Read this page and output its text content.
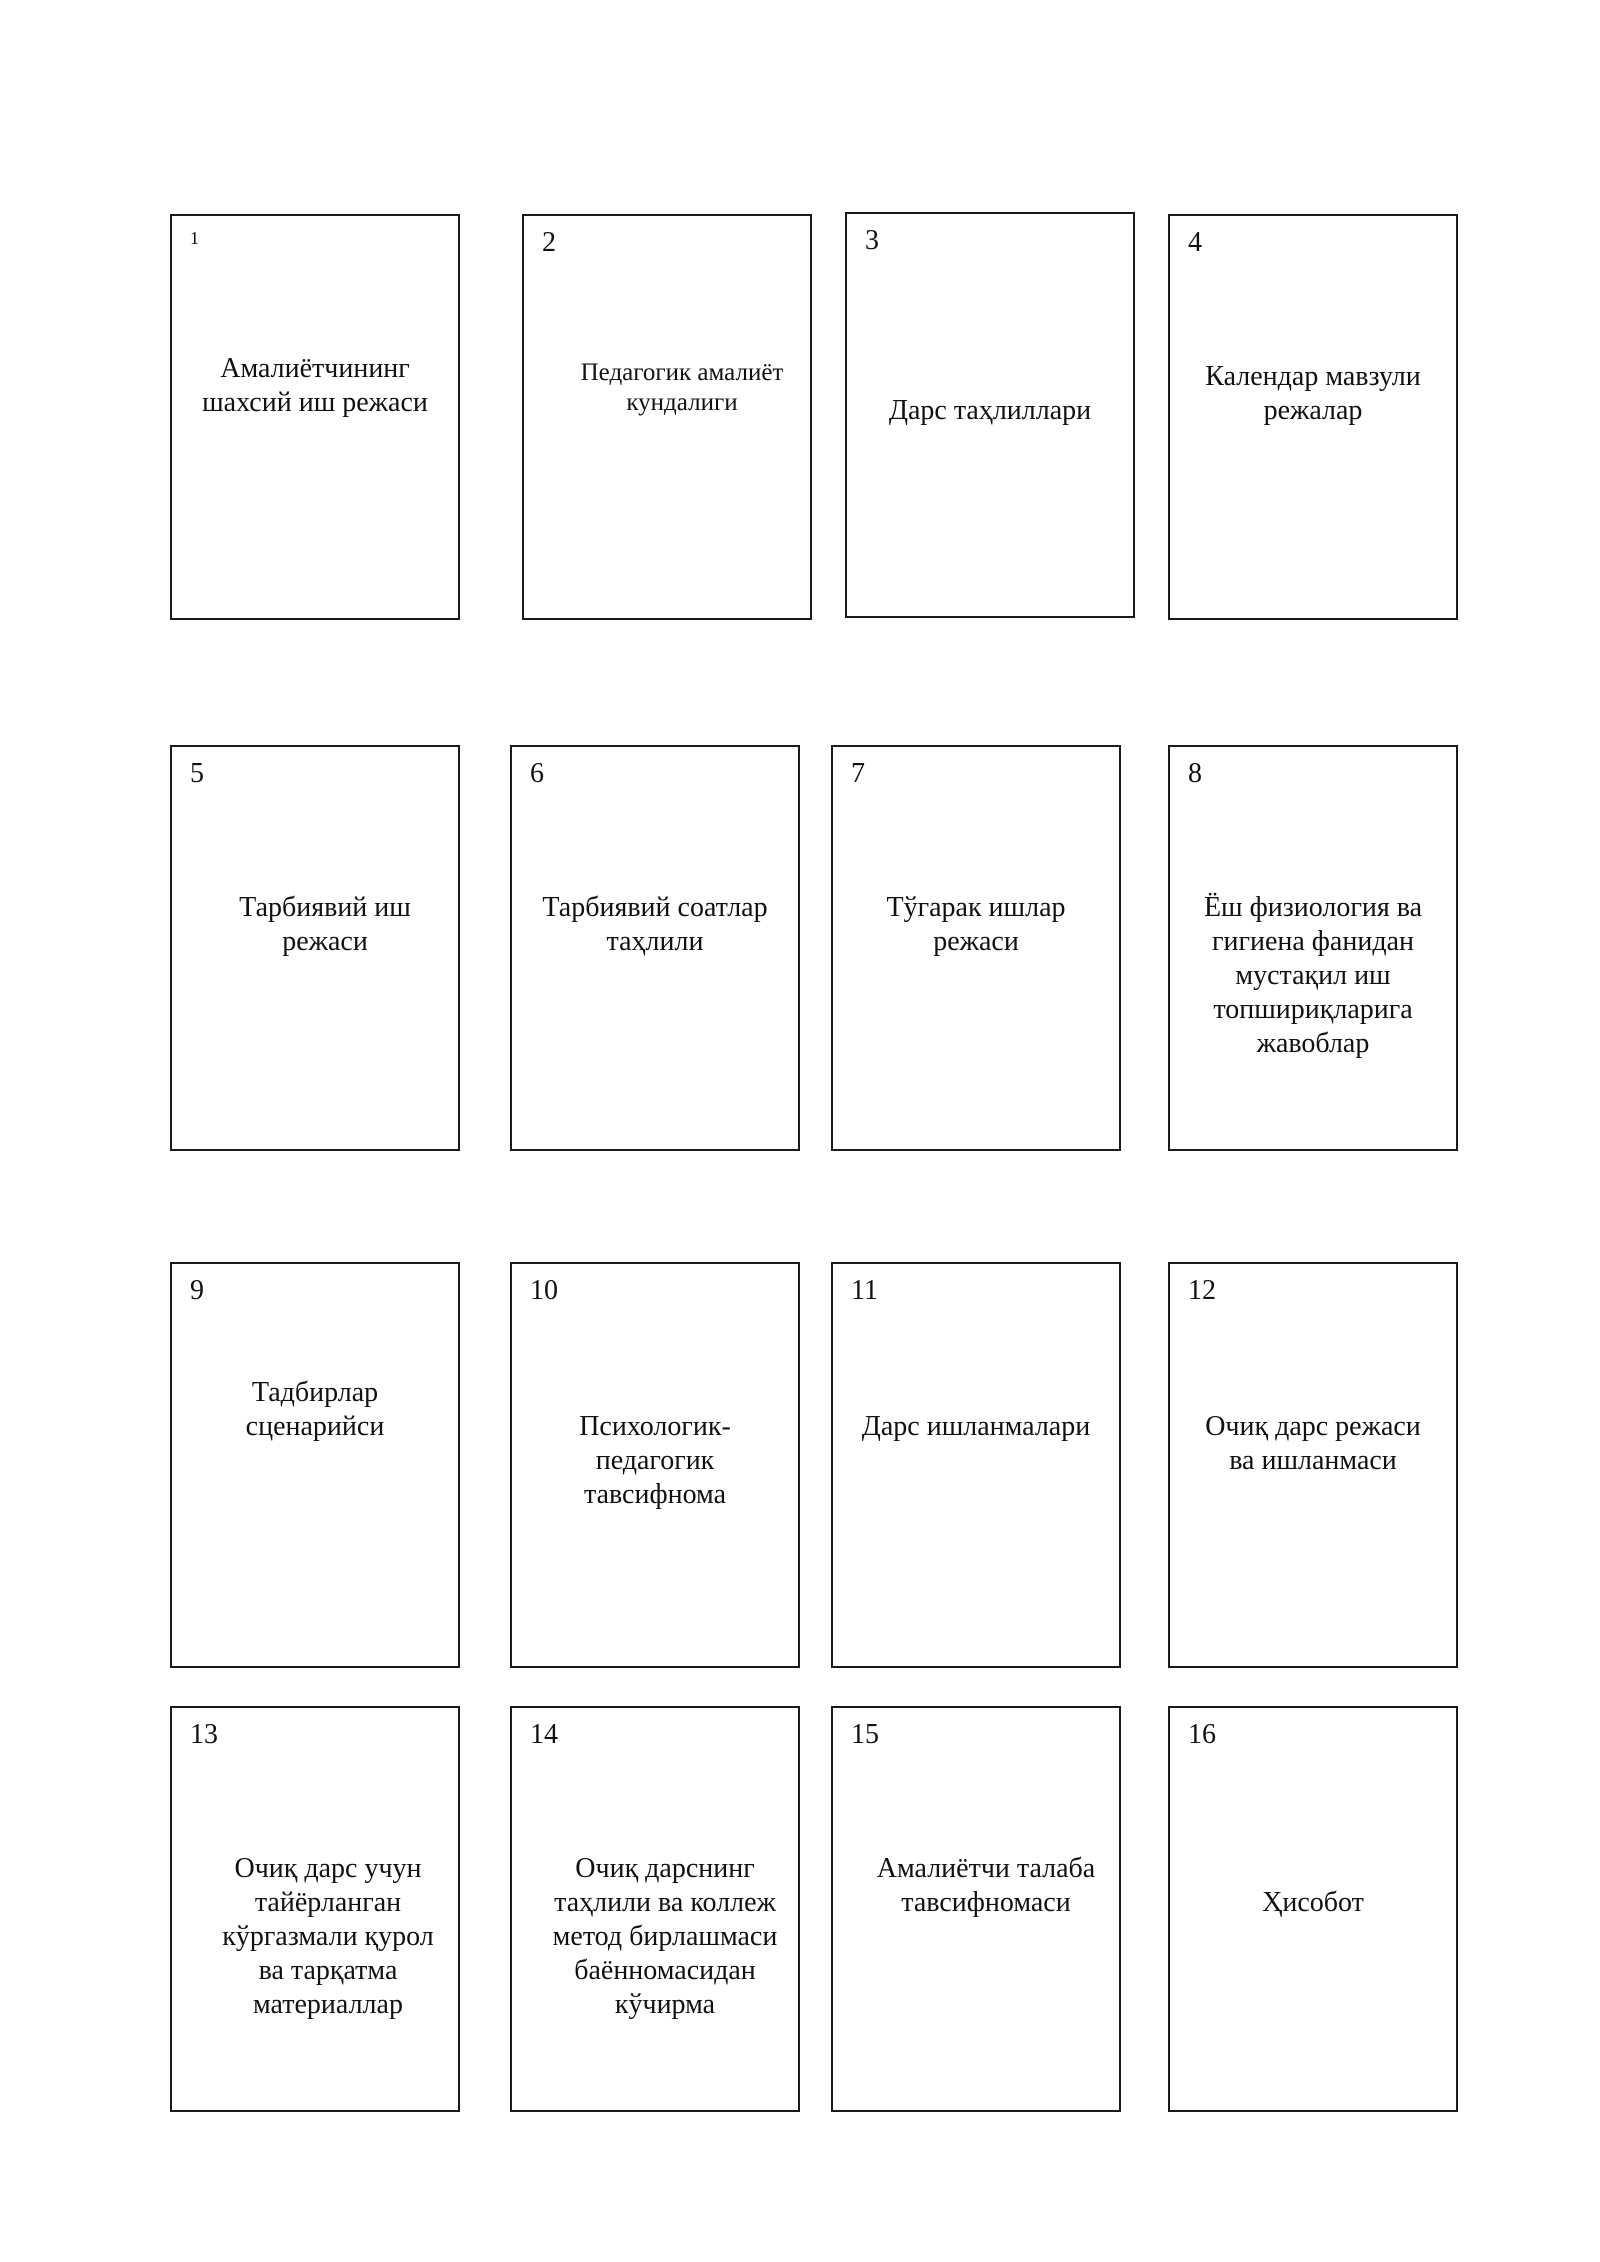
1
Амалиётчининг шахсий иш режаси
2
Педагогик амалиёт кундалиги
3
Дарс таҳлиллари
4
Календар мавзули режалар
5
Тарбиявий иш режаси
6
Тарбиявий соатлар таҳлили
7
Тўгарак ишлар режаси
8
Ёш физиология ва гигиена фанидан мустақил иш топшириқларига жавоблар
9
Тадбирлар сценарийси
10
Психологик-педагогик тавсифнома
11
Дарс ишланмалари
12
Очиқ дарс режаси ва ишланмаси
13
Очиқ дарс учун тайёрланган кўргазмали қурол ва тарқатма материаллар
14
Очиқ дарснинг таҳлили ва коллеж метод бирлашмаси баённомасидан кўчирма
15
Амалиётчи талаба тавсифномаси
16
Ҳисобот
